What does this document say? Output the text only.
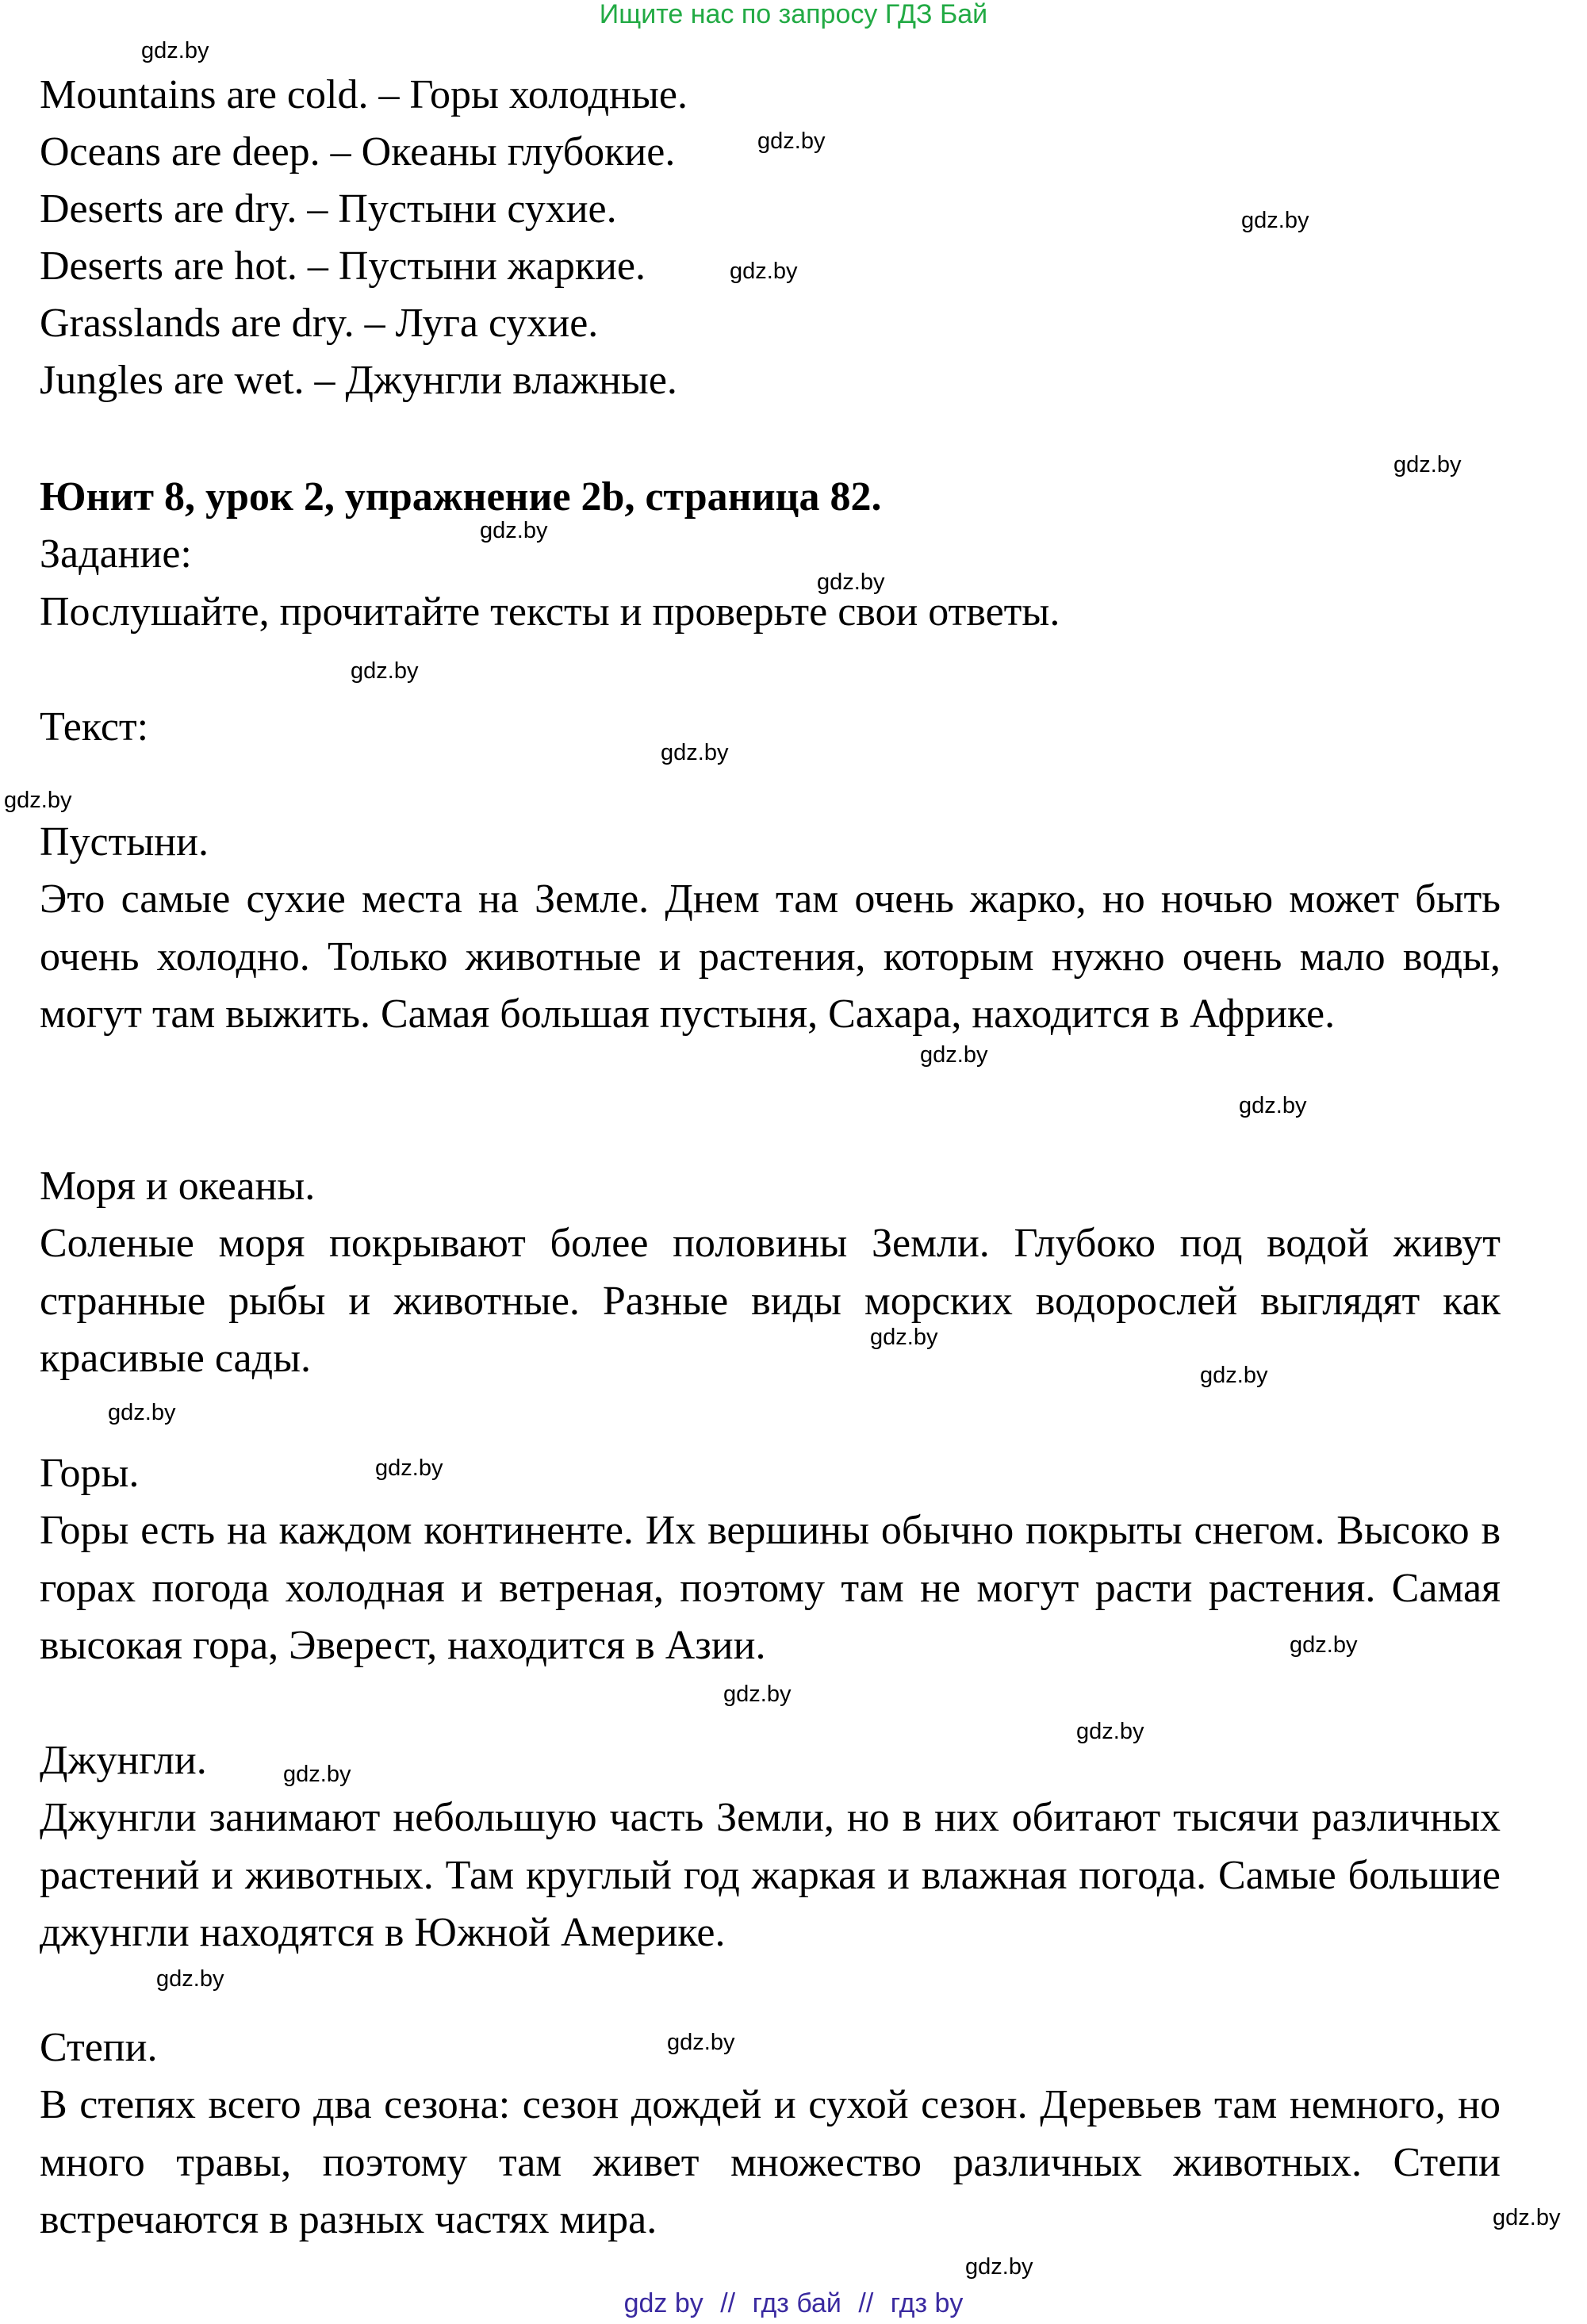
Ищите нас по запросу ГДЗ Бай
Mountains are cold. – Горы холодные.
Oceans are deep. – Океаны глубокие.
Deserts are dry. – Пустыни сухие.
Deserts are hot. – Пустыни жаркие.
Grasslands are dry. – Луга сухие.
Jungles are wet. – Джунгли влажные.
Юнит 8, урок 2, упражнение 2b, страница 82.
Задание:
Послушайте, прочитайте тексты и проверьте свои ответы.
Текст:
Пустыни.

Это самые сухие места на Земле. Днем там очень жарко, но ночью может быть очень холодно. Только животные и растения, которым нужно очень мало воды, могут там выжить. Самая большая пустыня, Сахара, находится в Африке.

Моря и океаны.

Соленые моря покрывают более половины Земли. Глубоко под водой живут странные рыбы и животные. Разные виды морских водорослей выглядят как красивые сады.

Горы.

Горы есть на каждом континенте. Их вершины обычно покрыты снегом. Высоко в горах погода холодная и ветреная, поэтому там не могут расти растения. Самая высокая гора, Эверест, находится в Азии.

Джунгли.

Джунгли занимают небольшую часть Земли, но в них обитают тысячи различных растений и животных. Там круглый год жаркая и влажная погода. Самые большие джунгли находятся в Южной Америке.

Степи.

В степях всего два сезона: сезон дождей и сухой сезон. Деревьев там немного, но много травы, поэтому там живет множество различных животных. Степи встречаются в разных частях мира.

gdz.by
gdz.by
gdz.by
gdz.by
gdz.by
gdz.by
gdz.by
gdz.by
gdz.by
gdz.by
gdz.by
gdz.by
gdz.by
gdz.by
gdz.by
gdz.by
gdz.by
gdz.by
gdz.by
gdz.by
gdz.by
gdz.by
gdz.by
gdz.by
gdz by // гдз бай // гдз by
